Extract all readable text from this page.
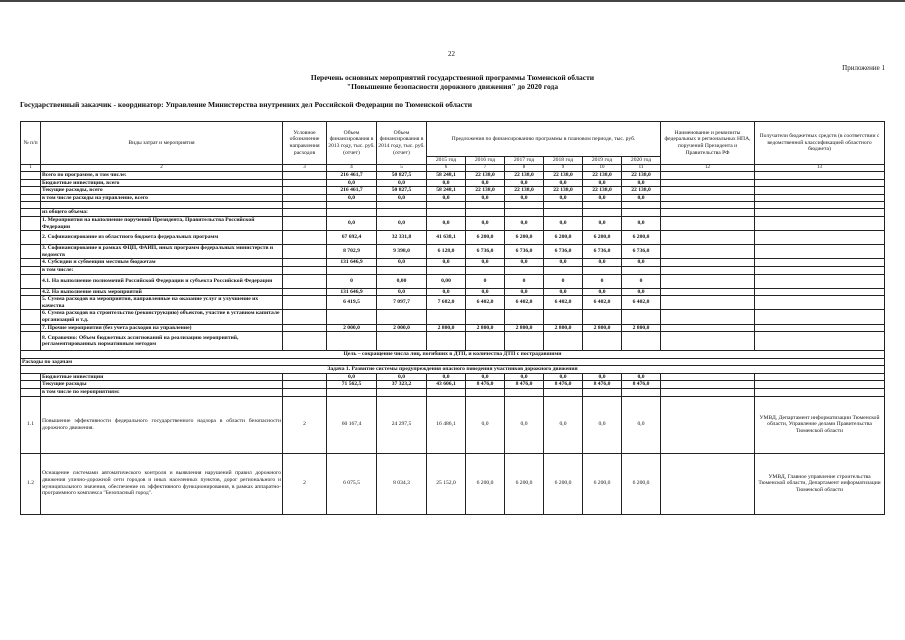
22
Приложение 1
Перечень основных мероприятий государственной программы Тюменской области
"Повышение безопасности дорожного движения" до 2020 года
Государственный заказчик - координатор: Управление Министерства внутренних дел Российской Федерации по Тюменской области
№ п/п	Виды затрат и мероприятия	Условное обозначение направления расходов	Объем финансирования в 2013 году, тыс. руб. (отчет)	Объем финансирования в 2014 году, тыс. руб. (отчет)	Предложения по финансированию программы в плановом периоде, тыс. руб.						Наименование и реквизиты федеральных и региональных НПА, поручений Президента и Правительства РФ	Получатели бюджетных средств (в соответствии с ведомственной классификацией областного бюджета)
					2015 год	2016 год	2017 год	2018 год	2019 год	2020 год		
1	2	3	4	5	6	7	8	9	10	11	12	13
	Всего по программе, в том числе:		216 461,7	50 827,5	58 248,1	22 138,0	22 138,0	22 138,0	22 138,0	22 138,0		
	Бюджетные инвестиции, всего		0,0	0,0	0,0	0,0	0,0	0,0	0,0	0,0		
	Текущие расходы, всего		216 461,7	50 827,5	58 248,1	22 138,0	22 138,0	22 138,0	22 138,0	22 138,0		
	в том числе расходы на управление, всего		0,0	0,0	0,0	0,0	0,0	0,0	0,0	0,0		

	из общего объема:											
	1. Мероприятия на выполнение поручений Президента, Правительства Российской Федерации		0,0	0,0	0,0	0,0	0,0	0,0	0,0	0,0		
	2. Софинансирование из областного бюджета федеральных программ		67 692,4	32 331,8	41 638,1	6 200,0	6 200,0	6 200,0	6 200,0	6 200,0		
	3. Софинансирование в рамках ФЦП, ФАИП, иных программ федеральных министерств и ведомств		8 702,9	9 398,0	6 128,0	6 736,0	6 736,0	6 736,0	6 736,0	6 736,0		
	4. Субсидии и субвенции местным бюджетам		131 646,9	0,0	0,0	0,0	0,0	0,0	0,0	0,0		
	в том числе:											
	4.1. На выполнение полномочий Российской Федерации и субъекта Российской Федерации		0	0,00	0,00	0	0	0	0	0		
	4.2. На выполнение иных мероприятий		131 646,9	0,0	0,0	0,0	0,0	0,0	0,0	0,0		
	5. Сумма расходов на мероприятия, направленные на оказание услуг и улучшение их качества		6 419,5	7 097,7	7 682,0	6 402,0	6 402,0	6 402,0	6 402,0	6 402,0		
	6. Сумма расходов на строительство (реконструкцию) объектов, участие в уставном капитале организаций и т.д.											
	7. Прочие мероприятия (без учета расходов на управление)		2 000,0	2 000,0	2 800,0	2 800,0	2 800,0	2 800,0	2 800,0	2 800,0		
	8. Справочно: Объем бюджетных ассигнований на реализацию мероприятий, регламентированных нормативным методом											
Цель – сокращение числа лиц, погибших в ДТП, и количества ДТП с пострадавшими												
Расходы по задачам												
Задача 1. Развитие системы предупреждения опасного поведения участников дорожного движения												
	Бюджетные инвестиции		0,0	0,0	0,0	0,0	0,0	0,0	0,0	0,0		
	Текущие расходы		71 562,5	37 323,2	43 606,1	8 476,0	8 476,0	8 476,0	8 476,0	8 476,0		
	в том числе по мероприятиям:											
1.1	Повышение эффективности федерального государственного надзора в области безопасности дорожного движения.	2	60 167,4	24 297,5	16 486,1	0,0	0,0	0,0	0,0	0,0		УМВД, Департамент информатизации Тюменской области, Управление делами Правительства Тюменской области
1.2	Оснащение системами автоматического контроля и выявления нарушений правил дорожного движения улично-дорожной сети городов и иных населенных пунктов, дорог регионального и муниципального значения, обеспечение их эффективного функционирования, в рамках аппаратно-программного комплекса "Безопасный город".	2	6 075,5	8 034,3	25 152,0	6 200,0	6 200,0	6 200,0	6 200,0	6 200,0		УМВД, Главное управление строительства Тюменской области, Департамент информатизации Тюменской области
